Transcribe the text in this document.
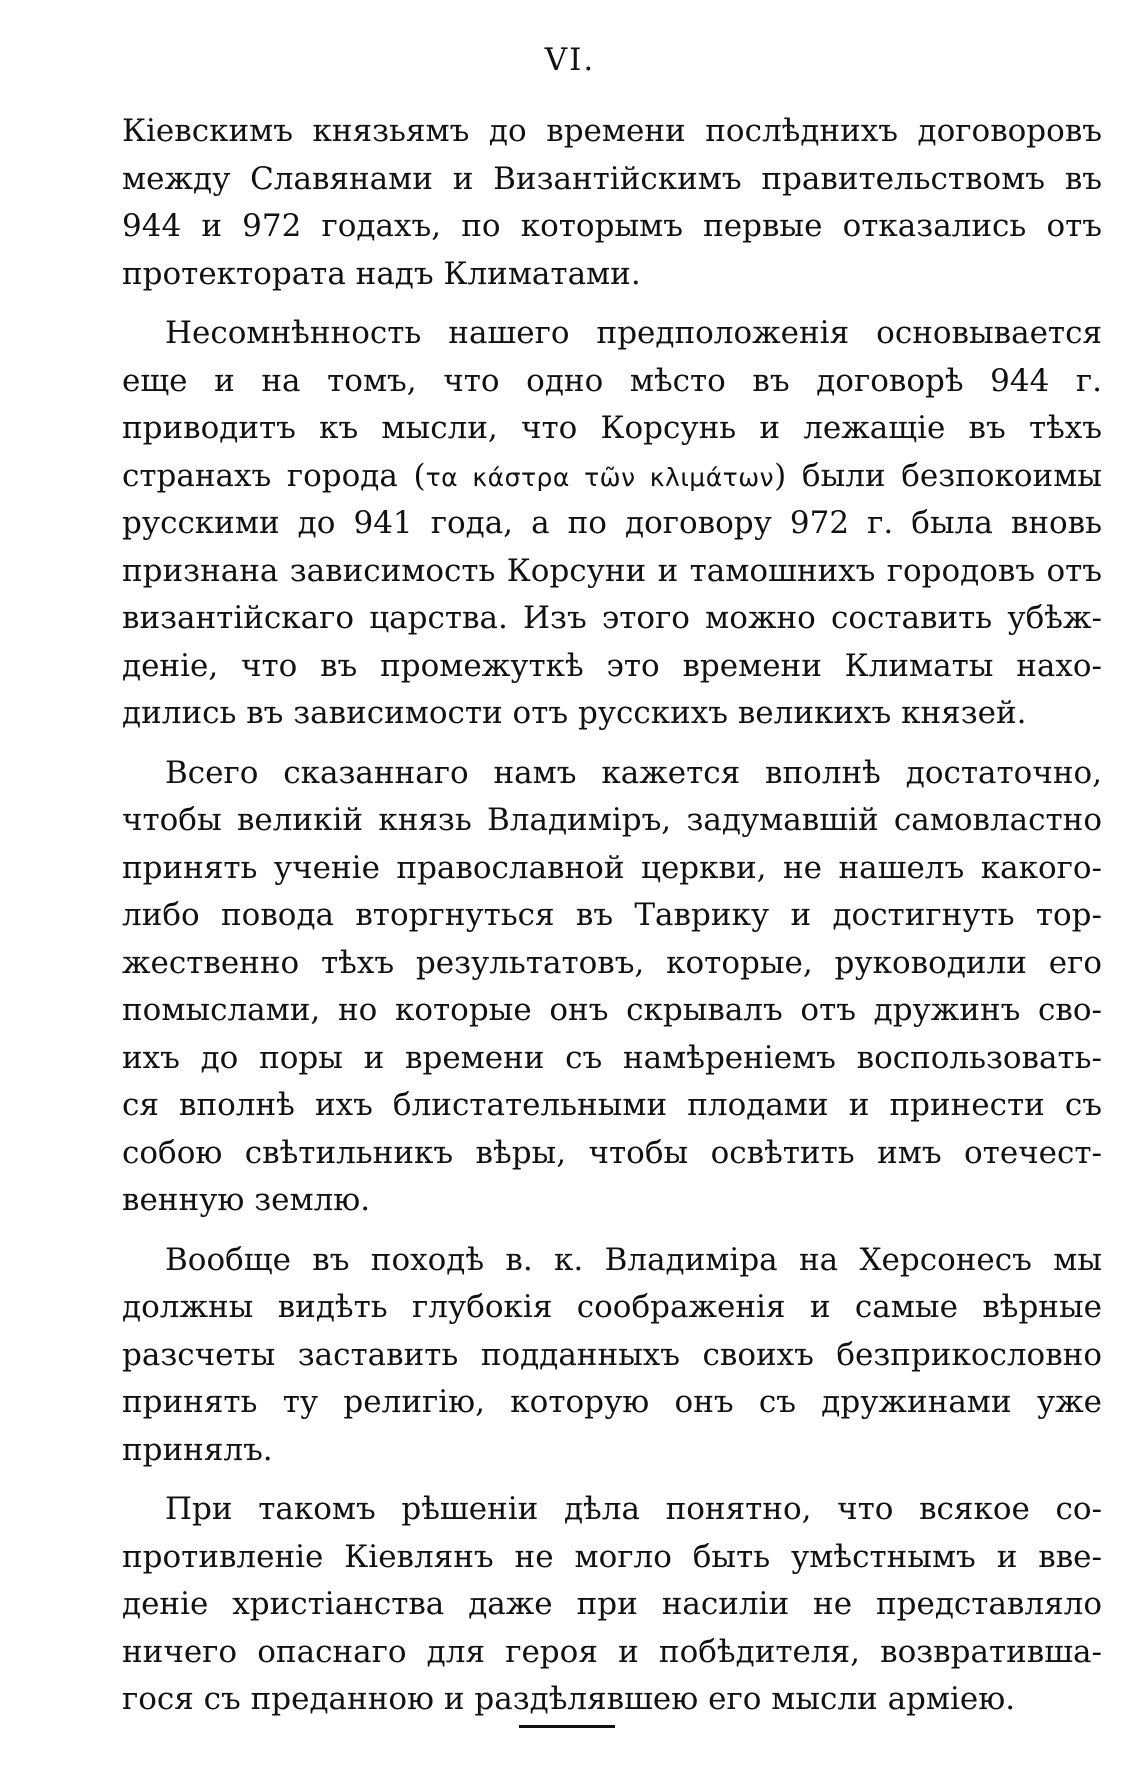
VI.
Кіевскимъ князьямъ до времени послѣднихъ договоровъ
между Славянами и Византійскимъ правительствомъ въ
944 и 972 годахъ, по которымъ первые отказались отъ
протектората надъ Климатами.
Несомнѣнность нашего предположенія основывается
еще и на томъ, что одно мѣсто въ договорѣ 944 г.
приводитъ къ мысли, что Корсунь и лежащіе въ тѣхъ
странахъ города (τα κάστρα τῶν κλιμάτων) были безпокоимы
русскими до 941 года, а по договору 972 г. была вновь
признана зависимость Корсуни и тамошнихъ городовъ отъ
византійскаго царства. Изъ этого можно составить убѣж-
деніе, что въ промежуткѣ это времени Климаты нахо-
дились въ зависимости отъ русскихъ великихъ князей.
Всего сказаннаго намъ кажется вполнѣ достаточно,
чтобы великій князь Владиміръ, задумавшій самовластно
принять ученіе православной церкви, не нашелъ какого-
либо повода вторгнуться въ Таврику и достигнуть тор-
жественно тѣхъ результатовъ, которые, руководили его
помыслами, но которые онъ скрывалъ отъ дружинъ сво-
ихъ до поры и времени съ намѣреніемъ воспользовать-
ся вполнѣ ихъ блистательными плодами и принести съ
собою свѣтильникъ вѣры, чтобы освѣтить имъ отечест-
венную землю.
Вообще въ походѣ в. к. Владиміра на Херсонесъ мы
должны видѣть глубокія соображенія и самые вѣрные
разсчеты заставить подданныхъ своихъ безприкословно
принять ту религію, которую онъ съ дружинами уже
принялъ.
При такомъ рѣшеніи дѣла понятно, что всякое со-
противленіе Кіевлянъ не могло быть умѣстнымъ и вве-
деніе христіанства даже при насиліи не представляло
ничего опаснаго для героя и побѣдителя, возвратившa-
гося съ преданною и раздѣлявшею его мысли арміею.
